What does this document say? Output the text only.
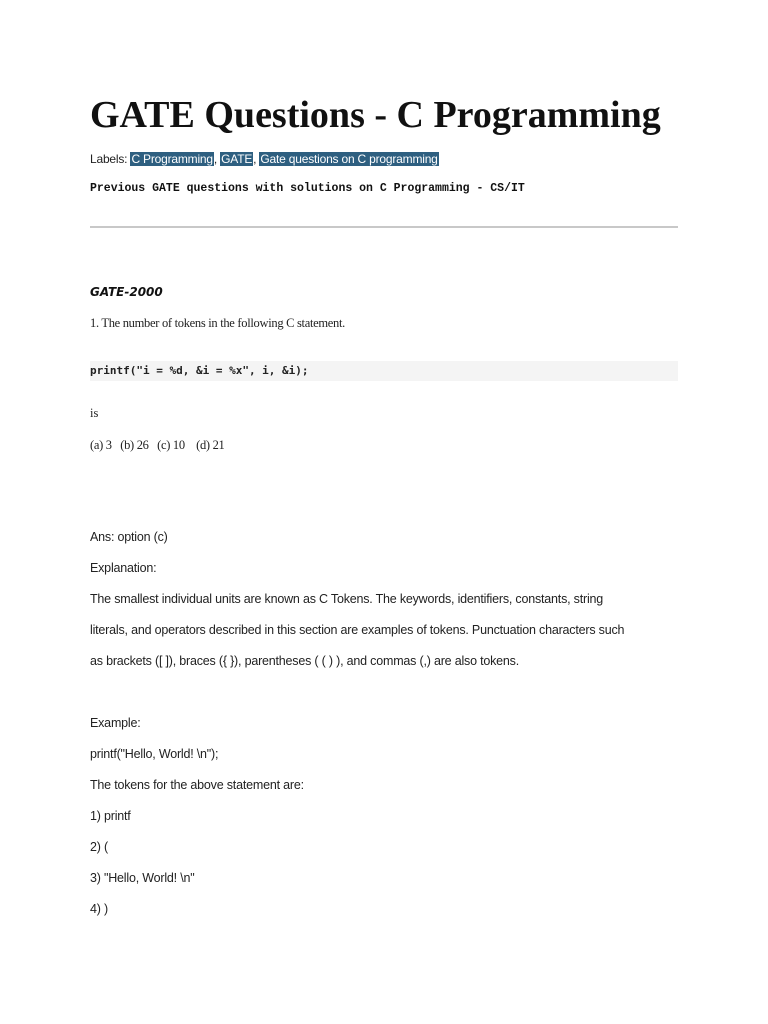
GATE Questions - C Programming
Labels: C Programming, GATE, Gate questions on C programming
Previous GATE questions with solutions on C Programming - CS/IT
GATE-2000
1. The number of tokens in the following C statement.
printf("i = %d, &i = %x", i, &i);
is
(a) 3   (b) 26   (c) 10    (d) 21
Ans: option (c)
Explanation:
The smallest individual units are known as C Tokens. The keywords, identifiers, constants, string
literals, and operators described in this section are examples of tokens. Punctuation characters such
as brackets ([ ]), braces ({ }), parentheses ( ( ) ), and commas (,) are also tokens.
Example:
printf("Hello, World! \n");
The tokens for the above statement are:
1) printf
2) (
3) "Hello, World! \n"
4) )
